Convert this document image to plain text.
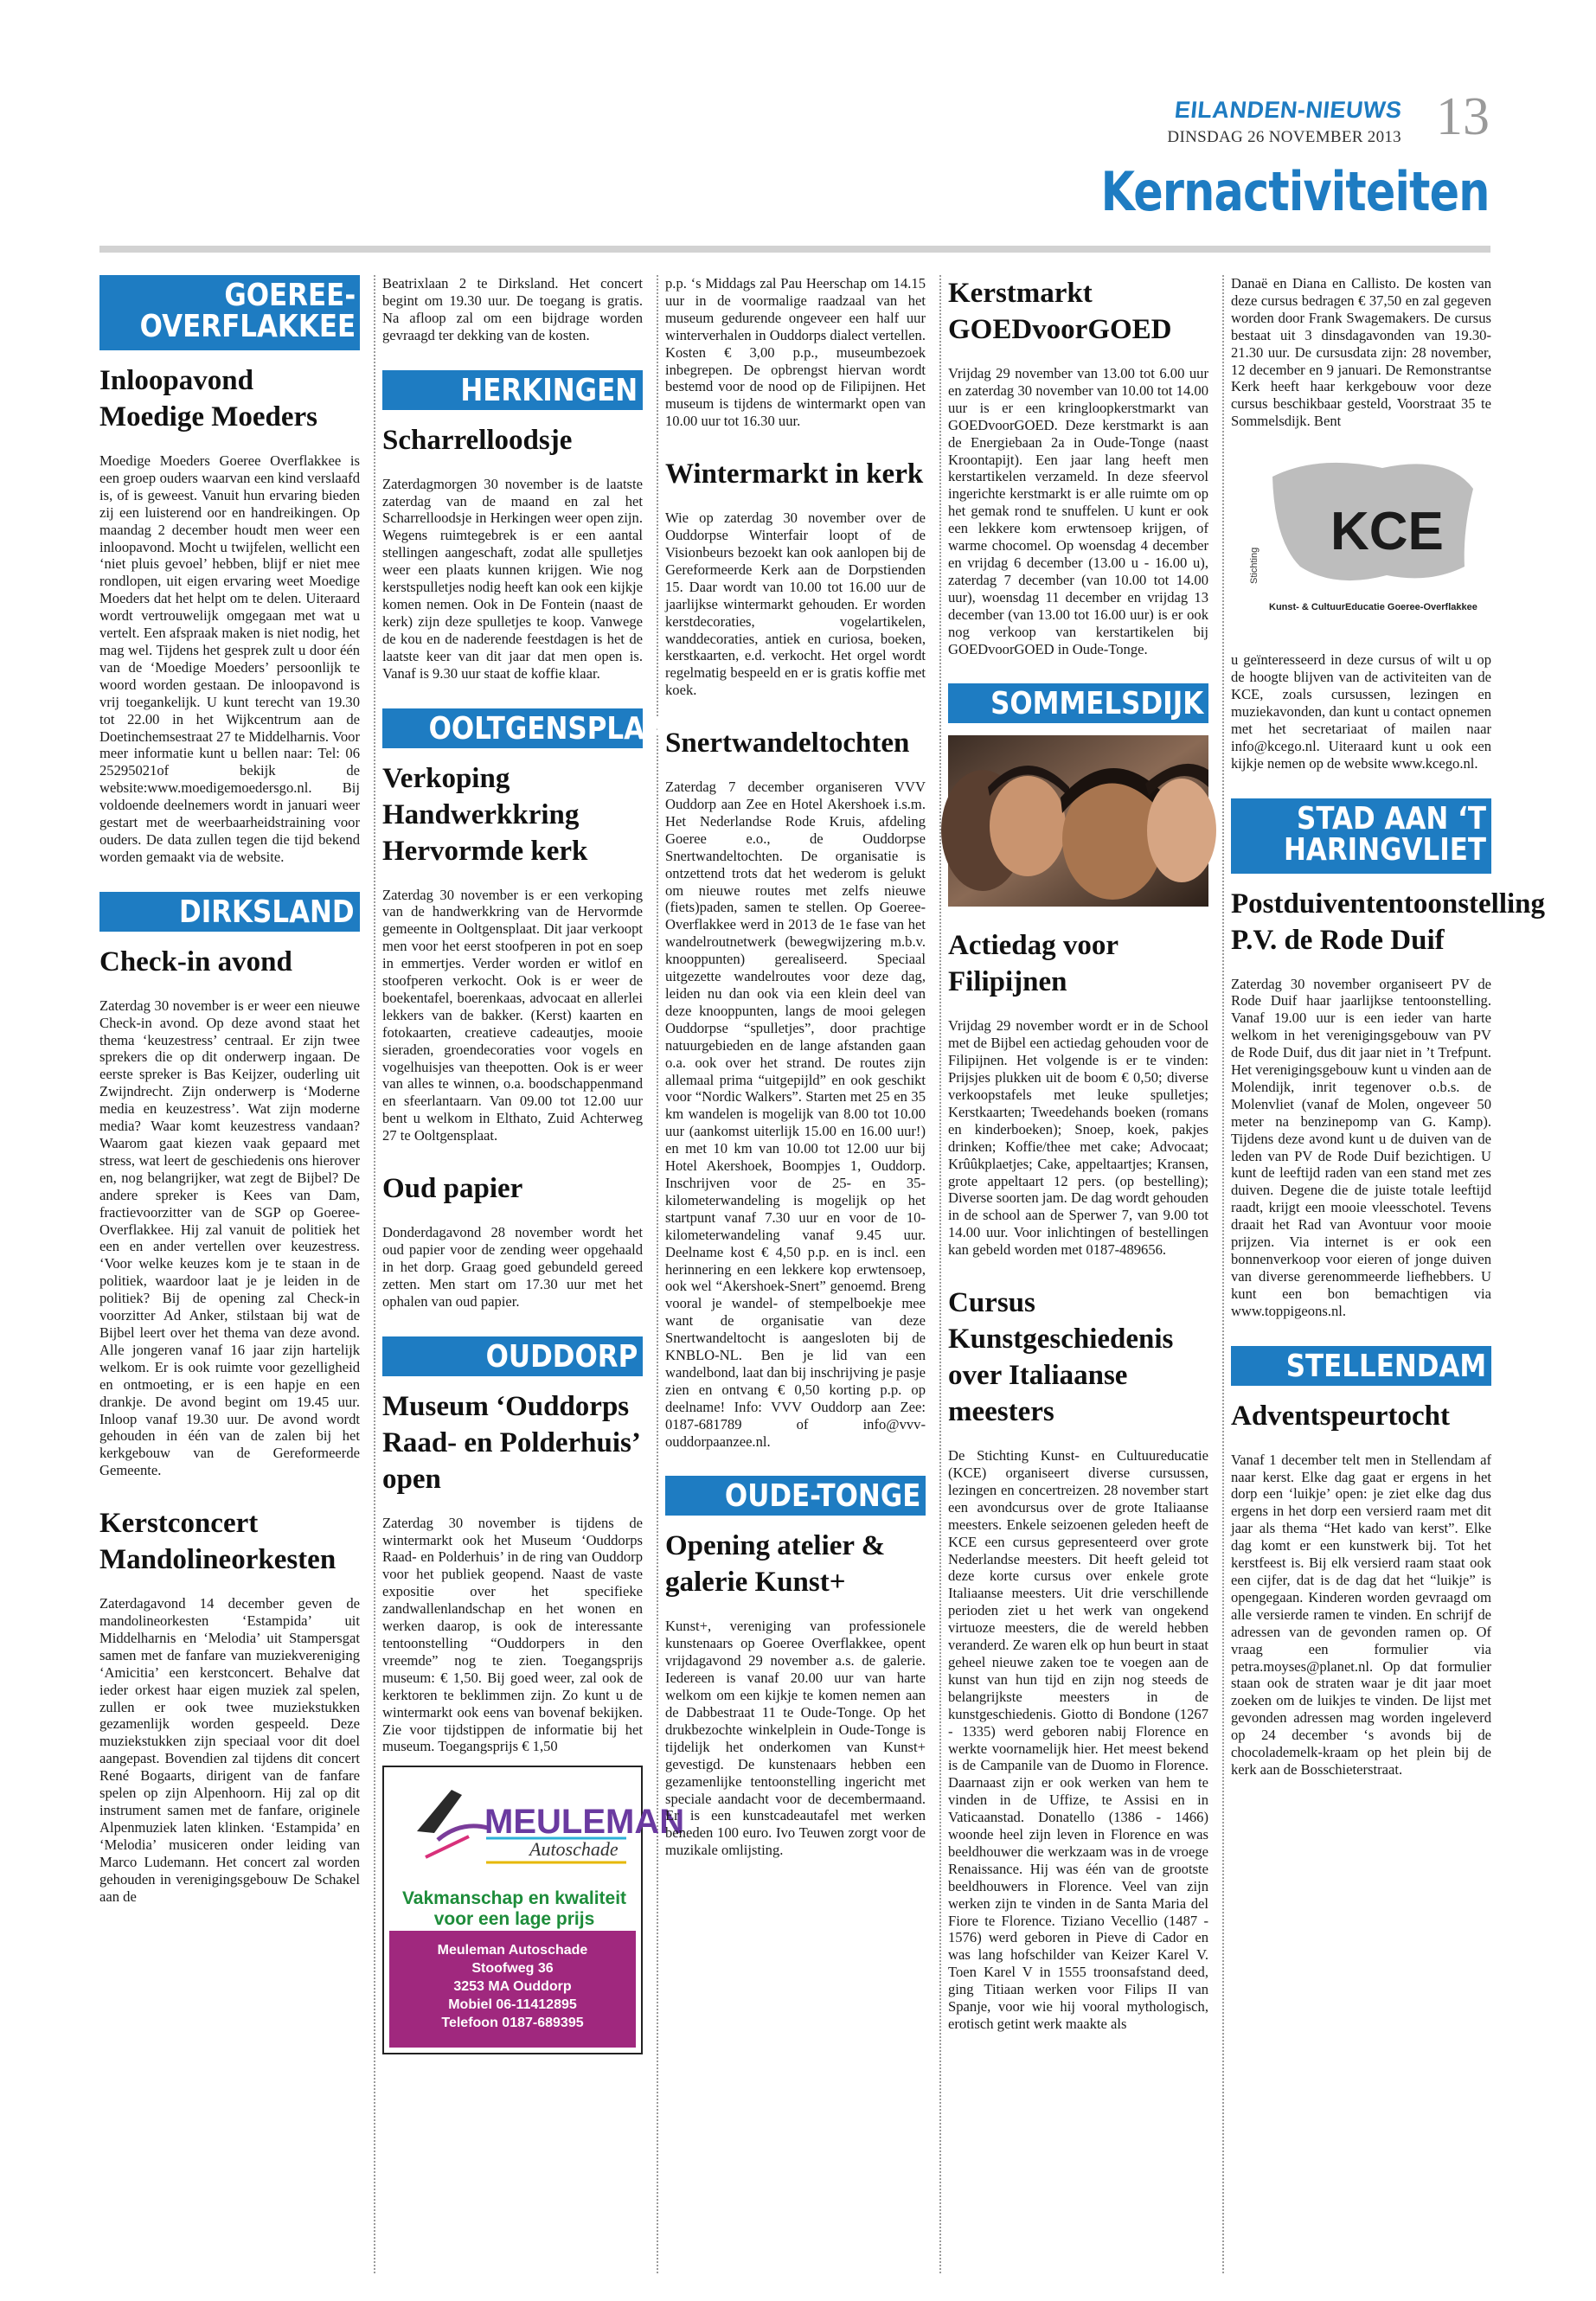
EILANDEN-NIEUWS
DINSDAG 26 NOVEMBER 2013 13
Kernactiviteiten
GOEREE-OVERFLAKKEE
Inloopavond Moedige Moeders

Moedige Moeders Goeree Overflakkee is een groep ouders waarvan een kind verslaafd is, of is geweest. Vanuit hun ervaring bieden zij een luisterend oor en handreikingen. Op maandag 2 december houdt men weer een inloopavond. Mocht u twijfelen, wellicht een ‘niet pluis gevoel’ hebben, blijf er niet mee rondlopen, uit eigen ervaring weet Moedige Moeders dat het helpt om te delen. Uiteraard wordt vertrouwelijk omgegaan met wat u vertelt. Een afspraak maken is niet nodig, het mag wel. Tijdens het gesprek zult u door één van de ‘Moedige Moeders’ persoonlijk te woord worden gestaan. De inloopavond is vrij toegankelijk. U kunt terecht van 19.30 tot 22.00 in het Wijkcentrum aan de Doetinchemsestraat 27 te Middelharnis. Voor meer informatie kunt u bellen naar: Tel: 06 25295021of bekijk de website:www.moedigemoedersgo.nl. Bij voldoende deelnemers wordt in januari weer gestart met de weerbaarheidstraining voor ouders. De data zullen tegen die tijd bekend worden gemaakt via de website.

DIRKSLAND
Check-in avond

Zaterdag 30 november is er weer een nieuwe Check-in avond. Op deze avond staat het thema ‘keuzestress’ centraal. Er zijn twee sprekers die op dit onderwerp ingaan. De eerste spreker is Bas Keijzer, ouderling uit Zwijndrecht. Zijn onderwerp is ‘Moderne media en keuzestress’. Wat zijn moderne media? Waar komt keuzestress vandaan? Waarom gaat kiezen vaak gepaard met stress, wat leert de geschiedenis ons hierover en, nog belangrijker, wat zegt de Bijbel? De andere spreker is Kees van Dam, fractievoorzitter van de SGP op Goeree-Overflakkee. Hij zal vanuit de politiek het een en ander vertellen over keuzestress. ‘Voor welke keuzes kom je te staan in de politiek, waardoor laat je je leiden in de politiek? Bij de opening zal Check-in voorzitter Ad Anker, stilstaan bij wat de Bijbel leert over het thema van deze avond. Alle jongeren vanaf 16 jaar zijn hartelijk welkom. Er is ook ruimte voor gezelligheid en ontmoeting, er is een hapje en een drankje. De avond begint om 19.45 uur. Inloop vanaf 19.30 uur. De avond wordt gehouden in één van de zalen bij het kerkgebouw van de Gereformeerde Gemeente.

Kerstconcert Mandolineorkesten

Zaterdagavond 14 december geven de mandolineorkesten ‘Estampida’ uit Middelharnis en ‘Melodia’ uit Stampersgat samen met de fanfare van muziekvereniging ‘Amicitia’ een kerstconcert. Behalve dat ieder orkest haar eigen muziek zal spelen, zullen er ook twee muziekstukken gezamenlijk worden gespeeld. Deze muziekstukken zijn speciaal voor dit doel aangepast. Bovendien zal tijdens dit concert René Bogaarts, dirigent van de fanfare spelen op zijn Alpenhoorn. Hij zal op dit instrument samen met de fanfare, originele Alpenmuziek laten klinken. ‘Estampida’ en ‘Melodia’ musiceren onder leiding van Marco Ludemann. Het concert zal worden gehouden in verenigingsgebouw De Schakel aan de

Beatrixlaan 2 te Dirksland. Het concert begint om 19.30 uur. De toegang is gratis. Na afloop zal om een bijdrage worden gevraagd ter dekking van de kosten.

HERKINGEN
Scharrelloodsje

Zaterdagmorgen 30 november is de laatste zaterdag van de maand en zal het Scharrelloodsje in Herkingen weer open zijn. Wegens ruimtegebrek is er een aantal stellingen aangeschaft, zodat alle spulletjes weer een plaats kunnen krijgen. Wie nog kerstspulletjes nodig heeft kan ook een kijkje komen nemen. Ook in De Fontein (naast de kerk) zijn deze spulletjes te koop. Vanwege de kou en de naderende feestdagen is het de laatste keer van dit jaar dat men open is. Vanaf is 9.30 uur staat de koffie klaar.

OOLTGENSPLAAT
Verkoping Handwerkkring Hervormde kerk

Zaterdag 30 november is er een verkoping van de handwerkkring van de Hervormde gemeente in Ooltgensplaat. Dit jaar verkoopt men voor het eerst stoofperen in pot en soep in emmertjes. Verder worden er witlof en stoofperen verkocht. Ook is er weer de boekentafel, boerenkaas, advocaat en allerlei lekkers van de bakker. (Kerst) kaarten en fotokaarten, creatieve cadeautjes, mooie sieraden, groendecoraties voor vogels en vogelhuisjes van theepotten. Ook is er weer van alles te winnen, o.a. boodschappenmand en sfeerlantaarn. Van 09.00 tot 12.00 uur bent u welkom in Elthato, Zuid Achterweg 27 te Ooltgensplaat.

Oud papier

Donderdagavond 28 november wordt het oud papier voor de zending weer opgehaald in het dorp. Graag goed gebundeld gereed zetten. Men start om 17.30 uur met het ophalen van oud papier.

OUDDORP
Museum ‘Ouddorps Raad- en Polderhuis’ open

Zaterdag 30 november is tijdens de wintermarkt ook het Museum ‘Ouddorps Raad- en Polderhuis’ in de ring van Ouddorp voor het publiek geopend. Naast de vaste expositie over het specifieke zandwallenlandschap en het wonen en werken daarop, is ook de interessante tentoonstelling “Ouddorpers in den vreemde” nog te zien. Toegangsprijs museum: € 1,50. Bij goed weer, zal ook de kerktoren te beklimmen zijn. Zo kunt u de wintermarkt ook eens van bovenaf bekijken. Zie voor tijdstippen de informatie bij het museum. Toegangsprijs € 1,50

MEULEMAN
Autoschade
Vakmanschap en kwaliteit
voor een lage prijs
Meuleman Autoschade
Stoofweg 36
3253 MA Ouddorp
Mobiel 06-11412895
Telefoon 0187-689395

p.p. ‘s Middags zal Pau Heerschap om 14.15 uur in de voormalige raadzaal van het museum gedurende ongeveer een half uur winterverhalen in Ouddorps dialect vertellen. Kosten € 3,00 p.p., museumbezoek inbegrepen. De opbrengst hiervan wordt bestemd voor de nood op de Filipijnen. Het museum is tijdens de wintermarkt open van 10.00 uur tot 16.30 uur.

Wintermarkt in kerk

Wie op zaterdag 30 november over de Ouddorpse Winterfair loopt of de Visionbeurs bezoekt kan ook aanlopen bij de Gereformeerde Kerk aan de Dorpstienden 15. Daar wordt van 10.00 tot 16.00 uur de jaarlijkse wintermarkt gehouden. Er worden kerstdecoraties, vogelartikelen, wanddecoraties, antiek en curiosa, boeken, kerstkaarten, e.d. verkocht. Het orgel wordt regelmatig bespeeld en er is gratis koffie met koek.

Snertwandeltochten

Zaterdag 7 december organiseren VVV Ouddorp aan Zee en Hotel Akershoek i.s.m. Het Nederlandse Rode Kruis, afdeling Goeree e.o., de Ouddorpse Snertwandeltochten. De organisatie is ontzettend trots dat het wederom is gelukt om nieuwe routes met zelfs nieuwe (fiets)paden, samen te stellen. Op Goeree-Overflakkee werd in 2013 de 1e fase van het wandelroutnetwerk (bewegwijzering m.b.v. knooppunten) gerealiseerd. Speciaal uitgezette wandelroutes voor deze dag, leiden nu dan ook via een klein deel van deze knooppunten, langs de mooi gelegen Ouddorpse “spulletjes”, door prachtige natuurgebieden en de lange afstanden gaan o.a. ook over het strand. De routes zijn allemaal prima “uitgepijld” en ook geschikt voor “Nordic Walkers”. Starten met 25 en 35 km wandelen is mogelijk van 8.00 tot 10.00 uur (aankomst uiterlijk 15.00 en 16.00 uur!) en met 10 km van 10.00 tot 12.00 uur bij Hotel Akershoek, Boompjes 1, Ouddorp. Inschrijven voor de 25- en 35- kilometerwandeling is mogelijk op het startpunt vanaf 7.30 uur en voor de 10-kilometerwandeling vanaf 9.45 uur. Deelname kost € 4,50 p.p. en is incl. een herinnering en een lekkere kop erwtensoep, ook wel “Akershoek-Snert” genoemd. Breng vooral je wandel- of stempelboekje mee want de organisatie van deze Snertwandeltocht is aangesloten bij de KNBLO-NL. Ben je lid van een wandelbond, laat dan bij inschrijving je pasje zien en ontvang € 0,50 korting p.p. op deelname! Info: VVV Ouddorp aan Zee: 0187-681789 of info@vvv-ouddorpaanzee.nl.

OUDE-TONGE
Opening atelier & galerie Kunst+

Kunst+, vereniging van professionele kunstenaars op Goeree Overflakkee, opent vrijdagavond 29 november a.s. de galerie. Iedereen is vanaf 20.00 uur van harte welkom om een kijkje te komen nemen aan de Dabbestraat 11 te Oude-Tonge. Op het drukbezochte winkelplein in Oude-Tonge is tijdelijk het onderkomen van Kunst+ gevestigd. De kunstenaars hebben een gezamenlijke tentoonstelling ingericht met speciale aandacht voor de decembermaand. Er is een kunstcadeautafel met werken beneden 100 euro. Ivo Teuwen zorgt voor de muzikale omlijsting.

Kerstmarkt GOEDvoorGOED

Vrijdag 29 november van 13.00 tot 6.00 uur en zaterdag 30 november van 10.00 tot 14.00 uur is er een kringloopkerstmarkt van GOEDvoorGOED. Deze kerstmarkt is aan de Energiebaan 2a in Oude-Tonge (naast Kroontapijt). Een jaar lang heeft men kerstartikelen verzameld. In deze sfeervol ingerichte kerstmarkt is er alle ruimte om op het gemak rond te snuffelen. U kunt er ook een lekkere kom erwtensoep krijgen, of warme chocomel. Op woensdag 4 december en vrijdag 6 december (13.00 u - 16.00 u), zaterdag 7 december (van 10.00 tot 14.00 uur), woensdag 11 december en vrijdag 13 december (van 13.00 tot 16.00 uur) is er ook nog verkoop van kerstartikelen bij GOEDvoorGOED in Oude-Tonge.

SOMMELSDIJK
Actiedag voor Filipijnen

Vrijdag 29 november wordt er in de School met de Bijbel een actiedag gehouden voor de Filipijnen. Het volgende is er te vinden: Prijsjes plukken uit de boom € 0,50; diverse verkoopstafels met leuke spulletjes; Kerstkaarten; Tweedehands boeken (romans en kinderboeken); Snoep, koek, pakjes drinken; Koffie/thee met cake; Advocaat; Krûûkplaetjes; Cake, appeltaartjes; Kransen, grote appeltaart 12 pers. (op bestelling); Diverse soorten jam. De dag wordt gehouden in de school aan de Sperwer 7, van 9.00 tot 14.00 uur. Voor inlichtingen of bestellingen kan gebeld worden met 0187-489656.

Cursus Kunstgeschiedenis over Italiaanse meesters

De Stichting Kunst- en Cultuureducatie (KCE) organiseert diverse cursussen, lezingen en concertreizen. 28 november start een avondcursus over de grote Italiaanse meesters. Enkele seizoenen geleden heeft de KCE een cursus gepresenteerd over grote Nederlandse meesters. Dit heeft geleid tot deze korte cursus over enkele grote Italiaanse meesters. Uit drie verschillende perioden ziet u het werk van ongekend virtuoze meesters, die de wereld hebben veranderd. Ze waren elk op hun beurt in staat geheel nieuwe zaken toe te voegen aan de kunst van hun tijd en zijn nog steeds de belangrijkste meesters in de kunstgeschiedenis. Giotto di Bondone (1267 - 1335) werd geboren nabij Florence en werkte voornamelijk hier. Het meest bekend is de Campanile van de Duomo in Florence. Daarnaast zijn er ook werken van hem te vinden in de Uffize, te Assisi en in Vaticaanstad. Donatello (1386 - 1466) woonde heel zijn leven in Florence en was beeldhouwer die werkzaam was in de vroege Renaissance. Hij was één van de grootste beeldhouwers in Florence. Veel van zijn werken zijn te vinden in de Santa Maria del Fiore te Florence. Tiziano Vecellio (1487 - 1576) werd geboren in Pieve di Cador en was lang hofschilder van Keizer Karel V. Toen Karel V in 1555 troonsafstand deed, ging Titiaan werken voor Filips II van Spanje, voor wie hij vooral mythologisch, erotisch getint werk maakte als

Danaë en Diana en Callisto. De kosten van deze cursus bedragen € 37,50 en zal gegeven worden door Frank Swagemakers. De cursus bestaat uit 3 dinsdagavonden van 19.30-21.30 uur. De cursusdata zijn: 28 november, 12 december en 9 januari. De Remonstrantse Kerk heeft haar kerkgebouw voor deze cursus beschikbaar gesteld, Voorstraat 35 te Sommelsdijk. Bent

KCE
Stichting
Kunst- & CultuurEducatie Goeree-Overflakkee

u geïnteresseerd in deze cursus of wilt u op de hoogte blijven van de activiteiten van de KCE, zoals cursussen, lezingen en muziekavonden, dan kunt u contact opnemen met het secretariaat of mailen naar info@kcego.nl. Uiteraard kunt u ook een kijkje nemen op de website www.kcego.nl.

STAD AAN ‘T HARINGVLIET
Postduivententoonstelling P.V. de Rode Duif

Zaterdag 30 november organiseert PV de Rode Duif haar jaarlijkse tentoonstelling. Vanaf 19.00 uur is een ieder van harte welkom in het verenigingsgebouw van PV de Rode Duif, dus dit jaar niet in ’t Trefpunt. Het verenigingsgebouw kunt u vinden aan de Molendijk, inrit tegenover o.b.s. de Molenvliet (vanaf de Molen, ongeveer 50 meter na benzinepomp van G. Kamp). Tijdens deze avond kunt u de duiven van de leden van PV de Rode Duif bezichtigen. U kunt de leeftijd raden van een stand met zes duiven. Degene die de juiste totale leeftijd raadt, krijgt een mooie vleesschotel. Tevens draait het Rad van Avontuur voor mooie prijzen. Via internet is er ook een bonnenverkoop voor eieren of jonge duiven van diverse gerenommeerde liefhebbers. U kunt een bon bemachtigen via www.toppigeons.nl.

STELLENDAM
Adventspeurtocht

Vanaf 1 december telt men in Stellendam af naar kerst. Elke dag gaat er ergens in het dorp een ‘luikje’ open: je ziet elke dag dus ergens in het dorp een versierd raam met dit jaar als thema “Het kado van kerst”. Elke dag komt er een kunstwerk bij. Tot het kerstfeest is. Bij elk versierd raam staat ook een cijfer, dat is de dag dat het “luikje” is opengegaan. Kinderen worden gevraagd om alle versierde ramen te vinden. En schrijf de adressen van de gevonden ramen op. Of vraag een formulier via petra.moyses@planet.nl. Op dat formulier staan ook de straten waar je dit jaar moet zoeken om de luikjes te vinden. De lijst met gevonden adressen mag worden ingeleverd op 24 december ‘s avonds bij de chocolademelk-kraam op het plein bij de kerk aan de Bosschieterstraat.
